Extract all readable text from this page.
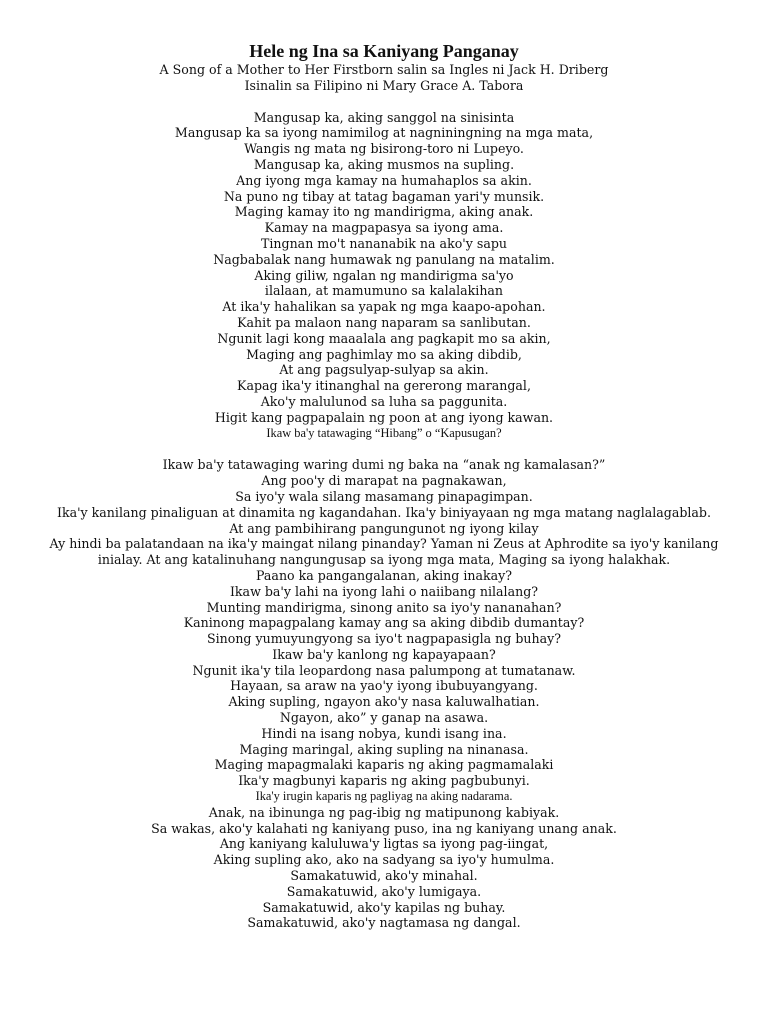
Hele ng Ina sa Kaniyang Panganay

A Song of a Mother to Her Firstborn salin sa Ingles ni Jack H. Driberg

Isinalin sa Filipino ni Mary Grace A. Tabora

Mangusap ka, aking sanggol na sinisinta
Mangusap ka sa iyong namimilog at nagniningning na mga mata,
Wangis ng mata ng bisirong-toro ni Lupeyo.
Mangusap ka, aking musmos na supling.
Ang iyong mga kamay na humahaplos sa akin.
Na puno ng tibay at tatag bagaman yari'y munsik.
Maging kamay ito ng mandirigma, aking anak.
Kamay na magpapasya sa iyong ama.
Tingnan mo't nananabik na ako'y sapu
Nagbabalak nang humawak ng panulang na matalim.
Aking giliw, ngalan ng mandirigma sa'yo
ilalaan, at mamumuno sa kalalakihan
At ika'y hahalikan sa yapak ng mga kaapo-apohan.
Kahit pa malaon nang naparam sa sanlibutan.
Ngunit lagi kong maaalala ang pagkapit mo sa akin,
Maging ang paghimlay mo sa aking dibdib,
At ang pagsulyap-sulyap sa akin.
Kapag ika'y itinanghal na gererong marangal,
Ako'y malulunod sa luha sa paggunita.
Higit kang pagpapalain ng poon at ang iyong kawan.
Ikaw ba'y tatawaging “Hibang” o “Kapusugan?
Ikaw ba'y tatawaging waring dumi ng baka na “anak ng kamalasan?”
Ang poo'y di marapat na pagnakawan,
Sa iyo'y wala silang masamang pinapagimpan.
Ika'y kanilang pinaliguan at dinamita ng kagandahan. Ika'y biniyayaan ng mga matang naglalagablab.
At ang pambihirang pangungunot ng iyong kilay
Ay hindi ba palatandaan na ika'y maingat nilang pinanday? Yaman ni Zeus at Aphrodite sa iyo'y kanilang inialay. At ang katalinuhang nangungusap sa iyong mga mata, Maging sa iyong halakhak.
Paano ka pangangalanan, aking inakay?
Ikaw ba'y lahi na iyong lahi o naiibang nilalang?
Munting mandirigma, sinong anito sa iyo'y nananahan?
Kaninong mapagpalang kamay ang sa aking dibdib dumantay?
Sinong yumuyungyong sa iyo't nagpapasigla ng buhay?
Ikaw ba'y kanlong ng kapayapaan?
Ngunit ika'y tila leopardong nasa palumpong at tumatanaw.
Hayaan, sa araw na yao'y iyong ibubuyangyang.
Aking supling, ngayon ako'y nasa kaluwalhatian.
Ngayon, ako” y ganap na asawa.
Hindi na isang nobya, kundi isang ina.
Maging maringal, aking supling na ninanasa.
Maging mapagmalaki kaparis ng aking pagmamalaki
Ika'y magbunyi kaparis ng aking pagbubunyi.
Ika'y irugin kaparis ng pagliyag na aking nadarama.
Anak, na ibinunga ng pag-ibig ng matipunong kabiyak.
Sa wakas, ako'y kalahati ng kaniyang puso, ina ng kaniyang unang anak.
Ang kaniyang kaluluwa'y ligtas sa iyong pag-iingat,
Aking supling ako, ako na sadyang sa iyo'y humulma.
Samakatuwid, ako'y minahal.
Samakatuwid, ako'y lumigaya.
Samakatuwid, ako'y kapilas ng buhay.
Samakatuwid, ako'y nagtamasa ng dangal.
